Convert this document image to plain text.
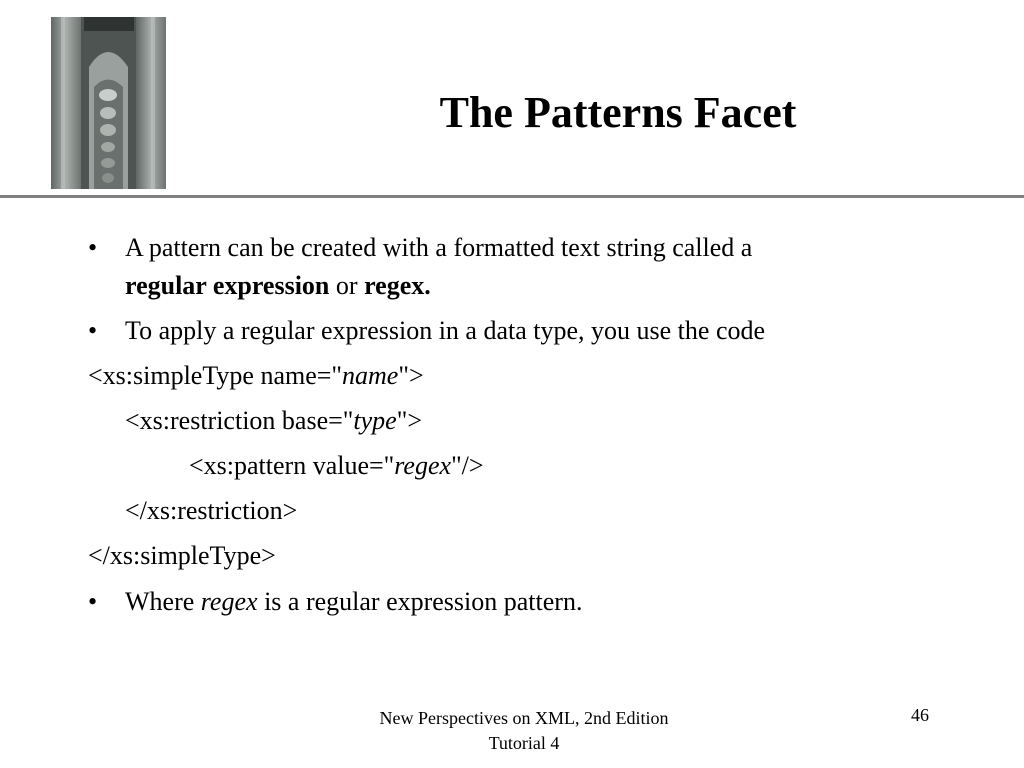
The Patterns Facet
• A pattern can be created with a formatted text string called a
regular expression or regex.
• To apply a regular expression in a data type, you use the code
<xs:simpleType name="name">
<xs:restriction base="type">
<xs:pattern value="regex"/>
</xs:restriction>
</xs:simpleType>
• Where regex is a regular expression pattern.
New Perspectives on XML, 2nd Edition
Tutorial 4
46
